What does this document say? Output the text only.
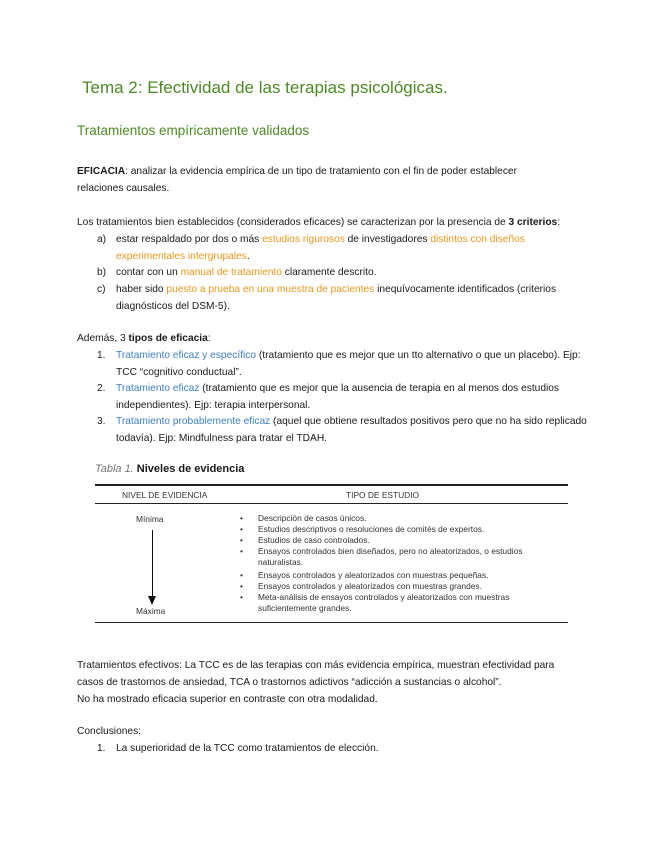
Tema 2: Efectividad de las terapias psicológicas.
Tratamientos empíricamente validados
EFICACIA: analizar la evidencia empírica de un tipo de tratamiento con el fin de poder establecer
relaciones causales.
Los tratamientos bien establecidos (considerados eficaces) se caracterizan por la presencia de 3 criterios:
a) estar respaldado por dos o más estudios rigurosos de investigadores distintos con diseños experimentales intergrupales.
b) contar con un manual de tratamiento claramente descrito.
c) haber sido puesto a prueba en una muestra de pacientes inequívocamente identificados (criterios diagnósticos del DSM-5).
Además, 3 tipos de eficacia:
1. Tratamiento eficaz y específico (tratamiento que es mejor que un tto alternativo o que un placebo). Ejp: TCC “cognitivo conductual”.
2. Tratamiento eficaz (tratamiento que es mejor que la ausencia de terapia en al menos dos estudios independientes). Ejp: terapia interpersonal.
3. Tratamiento probablemente eficaz (aquel que obtiene resultados positivos pero que no ha sido replicado todavía). Ejp: Mindfulness para tratar el TDAH.
Tabla 1. Niveles de evidencia
NIVEL DE EVIDENCIA	TIPO DE ESTUDIO
Mínima
Máxima
• Descripción de casos únicos.
• Estudios descriptivos o resoluciones de comités de expertos.
• Estudios de caso controlados.
• Ensayos controlados bien diseñados, pero no aleatorizados, o estudios naturalistas.
• Ensayos controlados y aleatorizados con muestras pequeñas.
• Ensayos controlados y aleatorizados con muestras grandes.
• Meta-análisis de ensayos controlados y aleatorizados con muestras suficientemente grandes.
Tratamientos efectivos: La TCC es de las terapias con más evidencia empírica, muestran efectividad para
casos de trastornos de ansiedad, TCA o trastornos adictivos “adicción a sustancias o alcohol”.
No ha mostrado eficacia superior en contraste con otra modalidad.
Conclusiones:
1. La superioridad de la TCC como tratamientos de elección.
